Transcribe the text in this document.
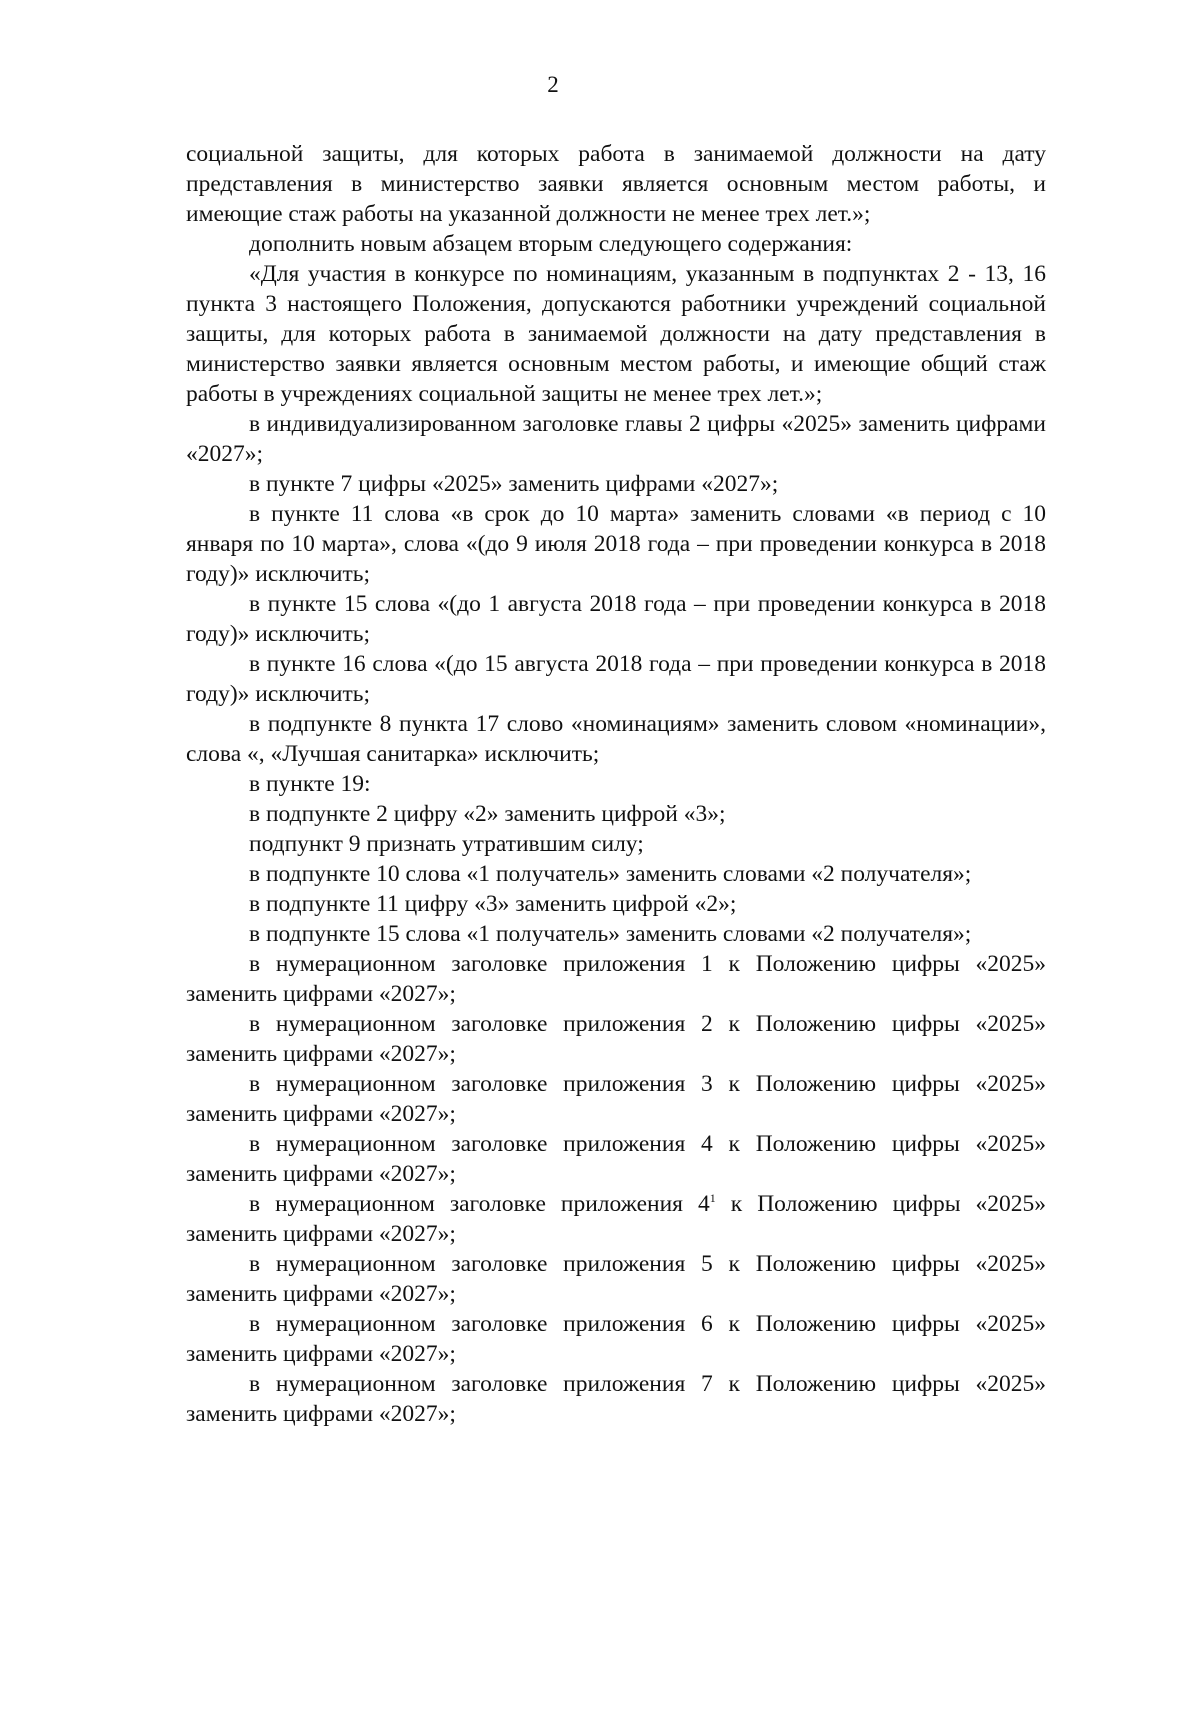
2

социальной защиты, для которых работа в занимаемой должности на дату представления в министерство заявки является основным местом работы, и имеющие стаж работы на указанной должности не менее трех лет.»;

дополнить новым абзацем вторым следующего содержания:

«Для участия в конкурсе по номинациям, указанным в подпунктах 2 - 13, 16 пункта 3 настоящего Положения, допускаются работники учреждений социальной защиты, для которых работа в занимаемой должности на дату представления в министерство заявки является основным местом работы, и имеющие общий стаж работы в учреждениях социальной защиты не менее трех лет.»;

в индивидуализированном заголовке главы 2 цифры «2025» заменить цифрами «2027»;

в пункте 7 цифры «2025» заменить цифрами «2027»;

в пункте 11 слова «в срок до 10 марта» заменить словами «в период с 10 января по 10 марта», слова «(до 9 июля 2018 года – при проведении конкурса в 2018 году)» исключить;

в пункте 15 слова «(до 1 августа 2018 года – при проведении конкурса в 2018 году)» исключить;

в пункте 16 слова «(до 15 августа 2018 года – при проведении конкурса в 2018 году)» исключить;

в подпункте 8 пункта 17 слово «номинациям» заменить словом «номинации», слова «, «Лучшая санитарка» исключить;

в пункте 19:

в подпункте 2 цифру «2» заменить цифрой «3»;

подпункт 9 признать утратившим силу;

в подпункте 10 слова «1 получатель» заменить словами «2 получателя»;

в подпункте 11 цифру «3» заменить цифрой «2»;

в подпункте 15 слова «1 получатель» заменить словами «2 получателя»;

в нумерационном заголовке приложения 1 к Положению цифры «2025» заменить цифрами «2027»;

в нумерационном заголовке приложения 2 к Положению цифры «2025» заменить цифрами «2027»;

в нумерационном заголовке приложения 3 к Положению цифры «2025» заменить цифрами «2027»;

в нумерационном заголовке приложения 4 к Положению цифры «2025» заменить цифрами «2027»;

в нумерационном заголовке приложения $4^1$ к Положению цифры «2025» заменить цифрами «2027»;

в нумерационном заголовке приложения 5 к Положению цифры «2025» заменить цифрами «2027»;

в нумерационном заголовке приложения 6 к Положению цифры «2025» заменить цифрами «2027»;

в нумерационном заголовке приложения 7 к Положению цифры «2025» заменить цифрами «2027»;
